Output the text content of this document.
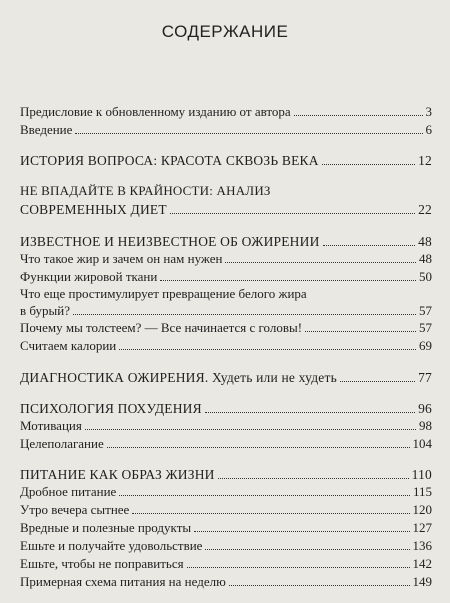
СОДЕРЖАНИЕ
Предисловие к обновленному изданию от автора	3
Введение	6
ИСТОРИЯ ВОПРОСА: КРАСОТА СКВОЗЬ ВЕКА	12
НЕ ВПАДАЙТЕ В КРАЙНОСТИ: АНАЛИЗ
СОВРЕМЕННЫХ ДИЕТ	22
ИЗВЕСТНОЕ И НЕИЗВЕСТНОЕ ОБ ОЖИРЕНИИ	48
Что такое жир и зачем он нам нужен	48
Функции жировой ткани	50
Что еще простимулирует превращение белого жира
в бурый?	57
Почему мы толстеем? — Все начинается с головы!	57
Считаем калории	69
ДИАГНОСТИКА ОЖИРЕНИЯ. Худеть или не худеть	77
ПСИХОЛОГИЯ ПОХУДЕНИЯ	96
Мотивация	98
Целеполагание	104
ПИТАНИЕ КАК ОБРАЗ ЖИЗНИ	110
Дробное питание	115
Утро вечера сытнее	120
Вредные и полезные продукты	127
Ешьте и получайте удовольствие	136
Ешьте, чтобы не поправиться	142
Примерная схема питания на неделю	149
